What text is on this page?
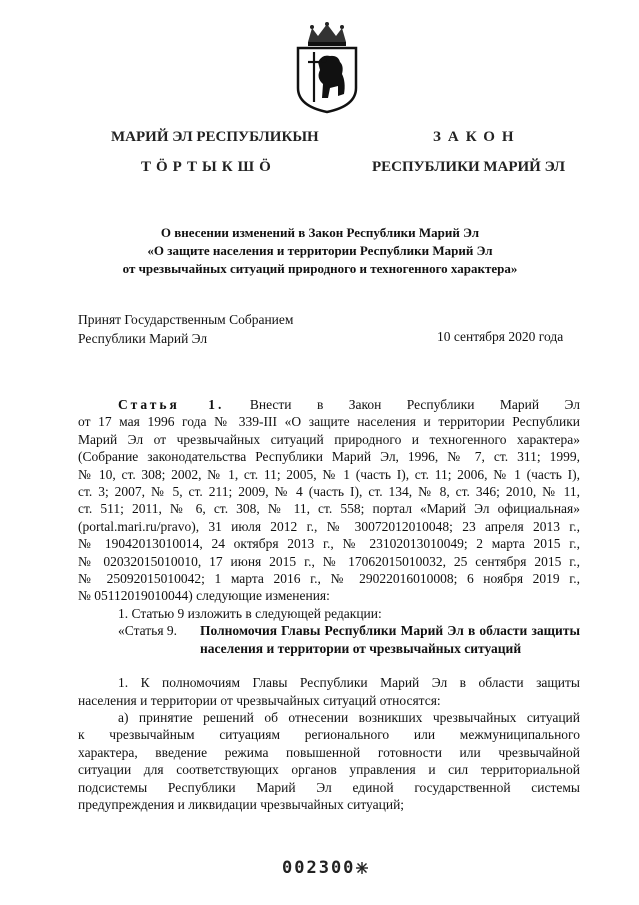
МАРИЙ ЭЛ РЕСПУБЛИКЫН
ТӦРТЫКШӦ
ЗАКОН
РЕСПУБЛИКИ МАРИЙ ЭЛ
О внесении изменений в Закон Республики Марий Эл
«О защите населения и территории Республики Марий Эл
от чрезвычайных ситуаций природного и техногенного характера»
Принят Государственным Собранием
Республики Марий Эл	10 сентября 2020 года

Статья 1. Внести в Закон Республики Марий Эл

от 17 мая 1996 года № 339-III «О защите населения и территории Республики

Марий Эл от чрезвычайных ситуаций природного и техногенного характера»

(Собрание законодательства Республики Марий Эл, 1996, № 7, ст. 311; 1999,

№ 10, ст. 308; 2002, № 1, ст. 11; 2005, № 1 (часть I), ст. 11; 2006, № 1 (часть I),

ст. 3; 2007, № 5, ст. 211; 2009, № 4 (часть I), ст. 134, № 8, ст. 346; 2010, № 11,

ст. 511; 2011, № 6, ст. 308, № 11, ст. 558; портал «Марий Эл официальная»

(portal.mari.ru/pravo), 31 июля 2012 г., № 30072012010048; 23 апреля 2013 г.,

№ 19042013010014, 24 октября 2013 г., № 23102013010049; 2 марта 2015 г.,

№ 02032015010010, 17 июня 2015 г., № 17062015010032, 25 сентября 2015 г.,

№ 25092015010042; 1 марта 2016 г., № 29022016010008; 6 ноября 2019 г.,

№ 05112019010044) следующие изменения:

1. Статью 9 изложить в следующей редакции:

«Статья 9.	Полномочия Главы Республики Марий Эл в области защиты населения и территории от чрезвычайных ситуаций

1. К полномочиям Главы Республики Марий Эл в области защиты

населения и территории от чрезвычайных ситуаций относятся:

а) принятие решений об отнесении возникших чрезвычайных ситуаций

к чрезвычайным ситуациям регионального или межмуниципального

характера, введение режима повышенной готовности или чрезвычайной

ситуации для соответствующих органов управления и сил территориальной

подсистемы Республики Марий Эл единой государственной системы

предупреждения и ликвидации чрезвычайных ситуаций;

002300
